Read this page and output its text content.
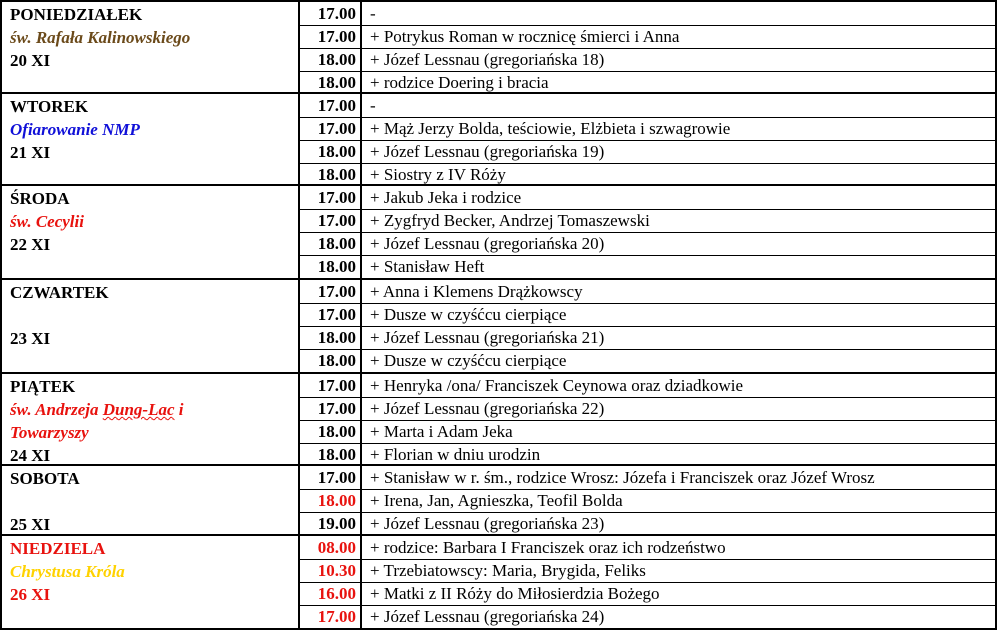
PONIEDZIAŁEK
św. Rafała Kalinowskiego
20 XI
17.00 -
17.00 + Potrykus Roman w rocznicę śmierci i Anna
18.00 + Józef Lessnau (gregoriańska 18)
18.00 + rodzice Doering i bracia
WTOREK
Ofiarowanie NMP
21 XI
17.00 -
17.00 + Mąż Jerzy Bolda, teściowie, Elżbieta i szwagrowie
18.00 + Józef Lessnau (gregoriańska 19)
18.00 + Siostry z IV Róży
ŚRODA
św. Cecylii
22 XI
17.00 + Jakub Jeka i rodzice
17.00 + Zygfryd Becker, Andrzej Tomaszewski
18.00 + Józef Lessnau (gregoriańska 20)
18.00 + Stanisław Heft
CZWARTEK

23 XI
17.00 + Anna i Klemens Drążkowscy
17.00 + Dusze w czyśćcu cierpiące
18.00 + Józef Lessnau (gregoriańska 21)
18.00 + Dusze w czyśćcu cierpiące
PIĄTEK
św. Andrzeja Dung-Lac i Towarzyszy
24 XI
17.00 + Henryka /ona/ Franciszek Ceynowa oraz dziadkowie
17.00 + Józef Lessnau (gregoriańska 22)
18.00 + Marta i Adam Jeka
18.00 + Florian w dniu urodzin
SOBOTA

25 XI
17.00 + Stanisław w r. śm., rodzice Wrosz: Józefa i Franciszek oraz Józef Wrosz
18.00 + Irena, Jan, Agnieszka, Teofil Bolda
19.00 + Józef Lessnau (gregoriańska 23)
NIEDZIELA
Chrystusa Króla
26 XI
08.00 + rodzice: Barbara I Franciszek oraz ich rodzeństwo
10.30 + Trzebiatowscy: Maria, Brygida, Feliks
16.00 + Matki z II Róży do Miłosierdzia Bożego
17.00 + Józef Lessnau (gregoriańska 24)
